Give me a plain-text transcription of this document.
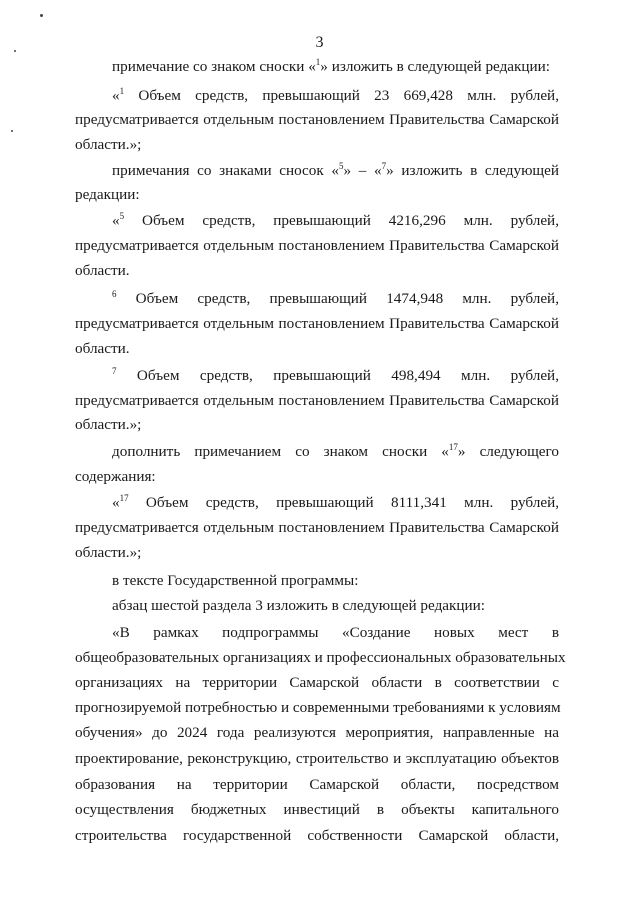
3
примечание со знаком сноски «$^1$» изложить в следующей редакции:
«$^1$ Объем средств, превышающий 23 669,428 млн. рублей,
предусматривается отдельным постановлением Правительства Самарской
области.»;
примечания со знаками сносок «$^5$» – «$^7$» изложить в следующей
редакции:
«$^5$ Объем средств, превышающий 4216,296 млн. рублей,
предусматривается отдельным постановлением Правительства Самарской
области.
$^6$ Объем средств, превышающий 1474,948 млн. рублей,
предусматривается отдельным постановлением Правительства Самарской
области.
$^7$ Объем средств, превышающий 498,494 млн. рублей,
предусматривается отдельным постановлением Правительства Самарской
области.»;
дополнить примечанием со знаком сноски «$^{17}$» следующего
содержания:
«$^{17}$ Объем средств, превышающий 8111,341 млн. рублей,
предусматривается отдельным постановлением Правительства Самарской
области.»;
в тексте Государственной программы:
абзац шестой раздела 3 изложить в следующей редакции:
«В рамках подпрограммы «Создание новых мест в
общеобразовательных организациях и профессиональных образовательных
организациях на территории Самарской области в соответствии с
прогнозируемой потребностью и современными требованиями к условиям
обучения» до 2024 года реализуются мероприятия, направленные на
проектирование, реконструкцию, строительство и эксплуатацию объектов
образования на территории Самарской области, посредством
осуществления бюджетных инвестиций в объекты капитального
строительства государственной собственности Самарской области,
